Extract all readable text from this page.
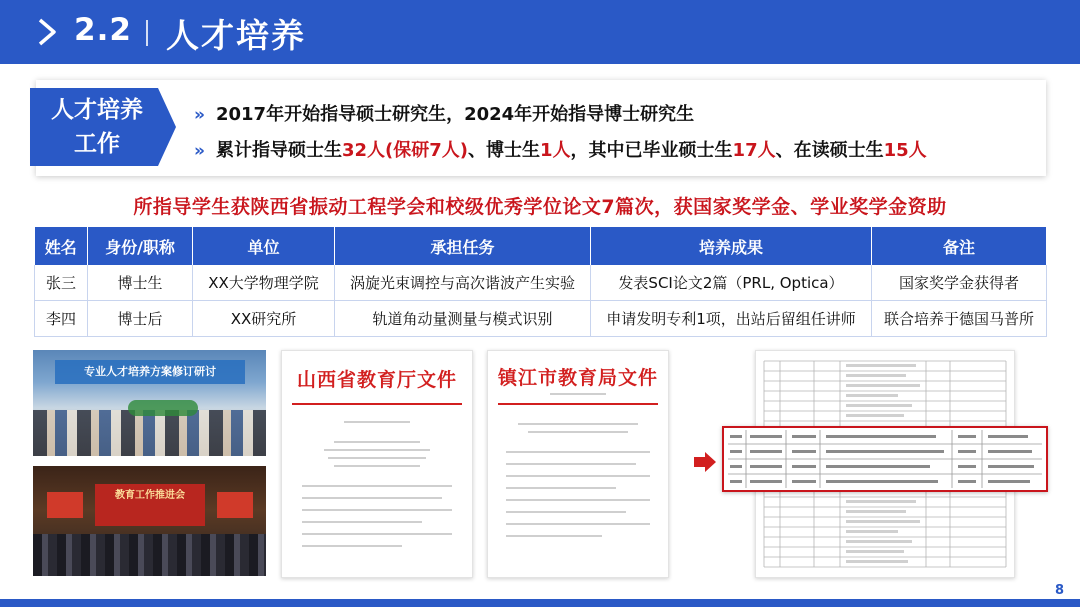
2.2 人才培养
人才培养
工作
» 2017年开始指导硕士研究生，2024年开始指导博士研究生
» 累计指导硕士生32人(保研7人)、博士生1人，其中已毕业硕士生17人、在读硕士生15人
所指导学生获陕西省振动工程学会和校级优秀学位论文7篇次，获国家奖学金、学业奖学金资助
姓名	身份/职称	单位	承担任务	培养成果	备注
张三	博士生	XX大学物理学院	涡旋光束调控与高次谐波产生实验	发表SCI论文2篇（PRL, Optica）	国家奖学金获得者
李四	博士后	XX研究所	轨道角动量测量与模式识别	申请发明专利1项，出站后留组任讲师	联合培养于德国马普所
专业人才培养方案修订研讨
教育工作推进会
山西省教育厅文件	镇江市教育局文件
8
